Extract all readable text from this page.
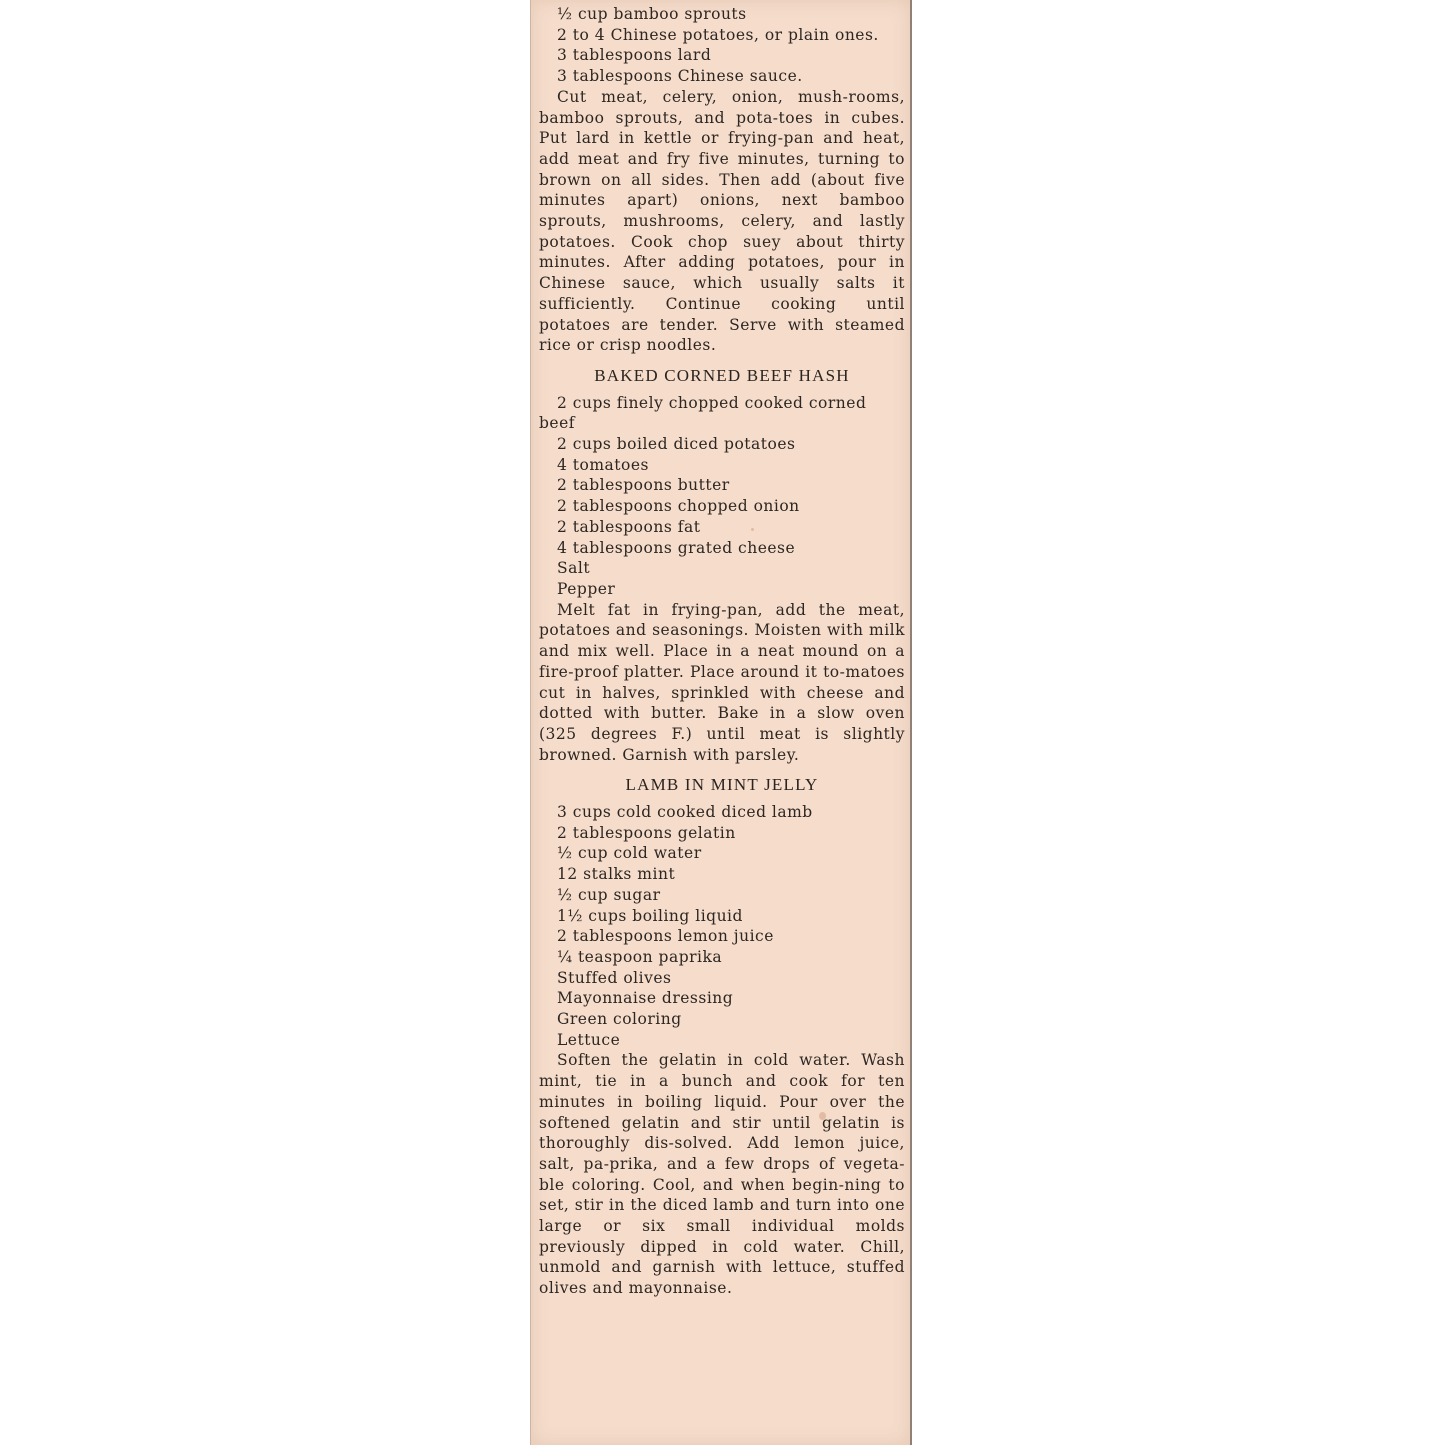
½ cup bamboo sprouts
2 to 4 Chinese potatoes, or plain ones.
3 tablespoons lard
3 tablespoons Chinese sauce.
Cut meat, celery, onion, mush-rooms, bamboo sprouts, and pota-toes in cubes. Put lard in kettle or frying-pan and heat, add meat and fry five minutes, turning to brown on all sides. Then add (about five minutes apart) onions, next bamboo sprouts, mushrooms, celery, and lastly potatoes. Cook chop suey about thirty minutes. After adding potatoes, pour in Chinese sauce, which usually salts it sufficiently. Continue cooking until potatoes are tender. Serve with steamed rice or crisp noodles.
BAKED CORNED BEEF HASH
2 cups finely chopped cooked corned beef
2 cups boiled diced potatoes
4 tomatoes
2 tablespoons butter
2 tablespoons chopped onion
2 tablespoons fat
4 tablespoons grated cheese
Salt
Pepper
Melt fat in frying-pan, add the meat, potatoes and seasonings. Moisten with milk and mix well. Place in a neat mound on a fire-proof platter. Place around it to-matoes cut in halves, sprinkled with cheese and dotted with butter. Bake in a slow oven (325 degrees F.) until meat is slightly browned. Garnish with parsley.
LAMB IN MINT JELLY
3 cups cold cooked diced lamb
2 tablespoons gelatin
½ cup cold water
12 stalks mint
½ cup sugar
1½ cups boiling liquid
2 tablespoons lemon juice
¼ teaspoon paprika
Stuffed olives
Mayonnaise dressing
Green coloring
Lettuce
Soften the gelatin in cold water. Wash mint, tie in a bunch and cook for ten minutes in boiling liquid. Pour over the softened gelatin and stir until gelatin is thoroughly dis-solved. Add lemon juice, salt, pa-prika, and a few drops of vegeta-ble coloring. Cool, and when begin-ning to set, stir in the diced lamb and turn into one large or six small individual molds previously dipped in cold water. Chill, unmold and garnish with lettuce, stuffed olives and mayonnaise.
